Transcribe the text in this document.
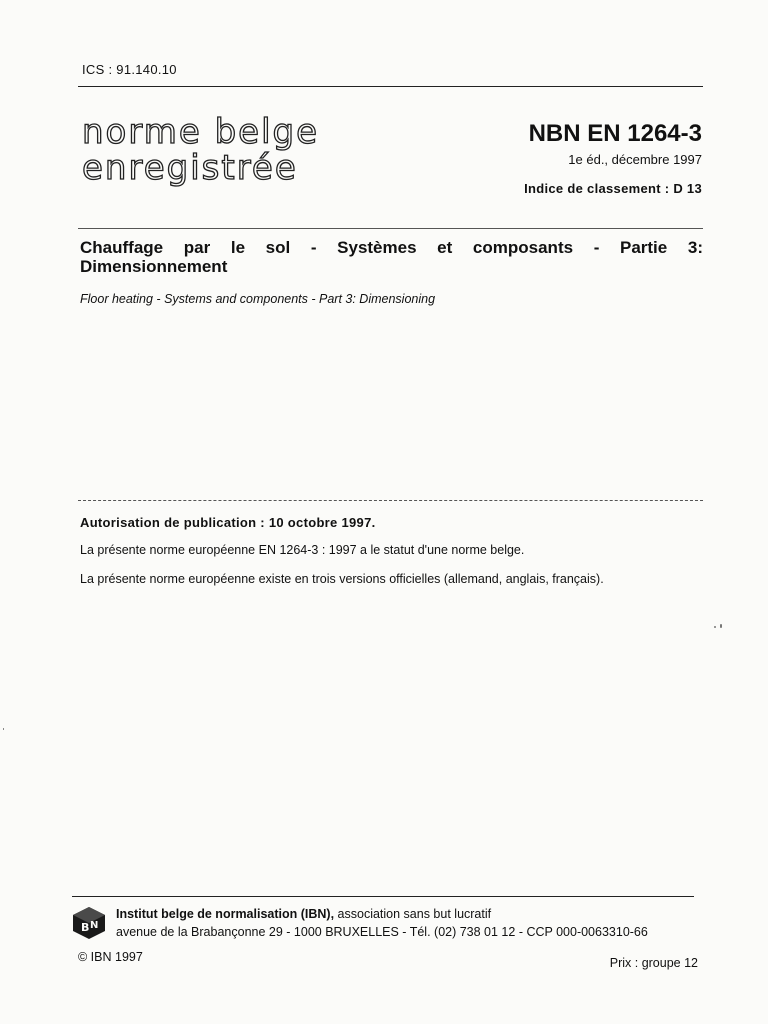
ICS : 91.140.10
norme belge
enregistrée
NBN EN 1264-3
1e éd., décembre 1997
Indice de classement : D 13
Chauffage par le sol - Systèmes et composants - Partie 3:
Dimensionnement
Floor heating - Systems and components - Part 3: Dimensioning
Autorisation de publication : 10 octobre 1997.
La présente norme européenne EN 1264-3 : 1997 a le statut d'une norme belge.
La présente norme européenne existe en trois versions officielles (allemand, anglais, français).
B N
Institut belge de normalisation (IBN), association sans but lucratif
avenue de la Brabançonne 29 - 1000 BRUXELLES - Tél. (02) 738 01 12 - CCP 000-0063310-66
© IBN 1997	Prix : groupe 12
